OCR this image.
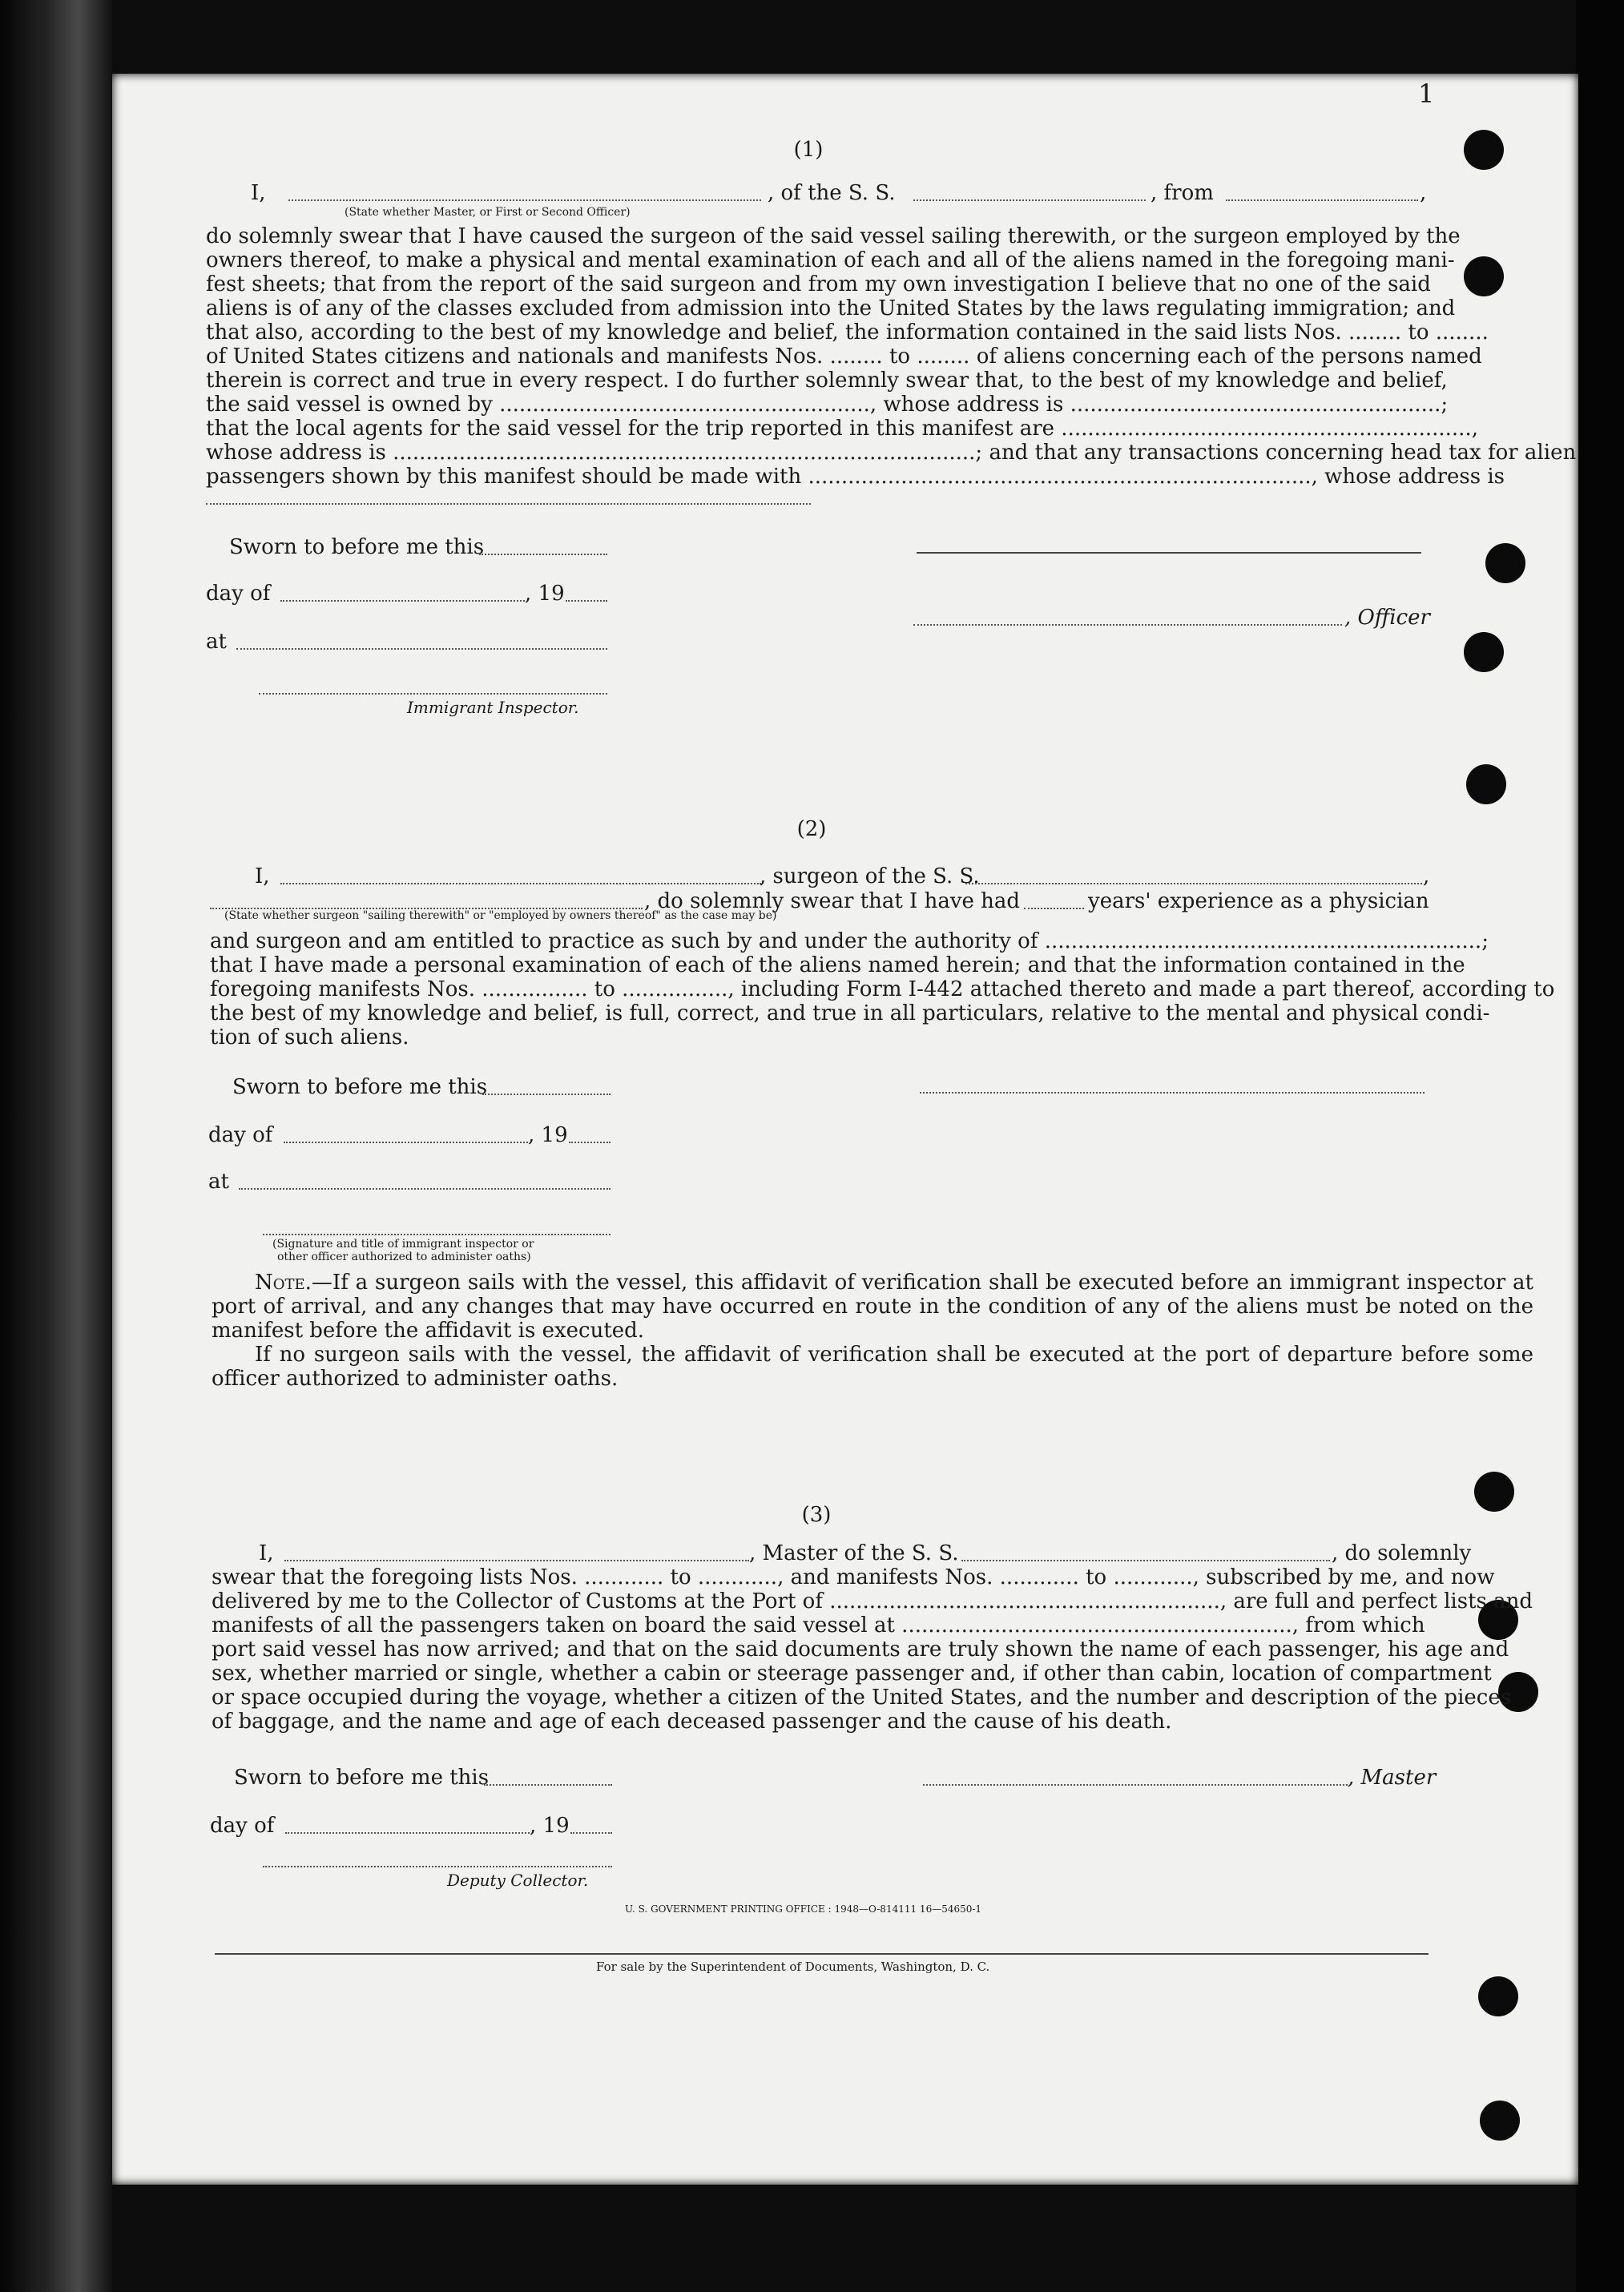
1
(1)
I,	, of the S. S.	, from	,
(State whether Master, or First or Second Officer)
do solemnly swear that I have caused the surgeon of the said vessel sailing therewith, or the surgeon employed by the
owners thereof, to make a physical and mental examination of each and all of the aliens named in the foregoing mani-
fest sheets; that from the report of the said surgeon and from my own investigation I believe that no one of the said
aliens is of any of the classes excluded from admission into the United States by the laws regulating immigration; and
that also, according to the best of my knowledge and belief, the information contained in the said lists Nos. ........ to ........
of United States citizens and nationals and manifests Nos. ........ to ........ of aliens concerning each of the persons named
therein is correct and true in every respect. I do further solemnly swear that, to the best of my knowledge and belief,
the said vessel is owned by ........................................................, whose address is ........................................................;
that the local agents for the said vessel for the trip reported in this manifest are ..............................................................,
whose address is ........................................................................................; and that any transactions concerning head tax for alien
passengers shown by this manifest should be made with ............................................................................, whose address is
Sworn to before me this
day of	, 19
, Officer
at
Immigrant Inspector.
(2)
I,	, surgeon of the S. S.	,
, do solemnly swear that I have had	years' experience as a physician
(State whether surgeon "sailing therewith" or "employed by owners thereof" as the case may be)
and surgeon and am entitled to practice as such by and under the authority of ..................................................................;
that I have made a personal examination of each of the aliens named herein; and that the information contained in the
foregoing manifests Nos. ................ to ................, including Form I-442 attached thereto and made a part thereof, according to
the best of my knowledge and belief, is full, correct, and true in all particulars, relative to the mental and physical condi-
tion of such aliens.
Sworn to before me this
day of	, 19
at
(Signature and title of immigrant inspector or
other officer authorized to administer oaths)
Note.—If a surgeon sails with the vessel, this affidavit of verification shall be executed before an immigrant inspector at port of arrival, and any changes that may have occurred en route in the condition of any of the aliens must be noted on the manifest before the affidavit is executed.
If no surgeon sails with the vessel, the affidavit of verification shall be executed at the port of departure before some officer authorized to administer oaths.
(3)
I,	, Master of the S. S.	, do solemnly
swear that the foregoing lists Nos. ............ to ............, and manifests Nos. ............ to ............, subscribed by me, and now
delivered by me to the Collector of Customs at the Port of ..........................................................., are full and perfect lists and
manifests of all the passengers taken on board the said vessel at ..........................................................., from which
port said vessel has now arrived; and that on the said documents are truly shown the name of each passenger, his age and
sex, whether married or single, whether a cabin or steerage passenger and, if other than cabin, location of compartment
or space occupied during the voyage, whether a citizen of the United States, and the number and description of the pieces
of baggage, and the name and age of each deceased passenger and the cause of his death.
Sworn to before me this	, Master
day of	, 19
Deputy Collector.
U. S. GOVERNMENT PRINTING OFFICE : 1948—O-814111 16—54650-1
For sale by the Superintendent of Documents, Washington, D. C.
